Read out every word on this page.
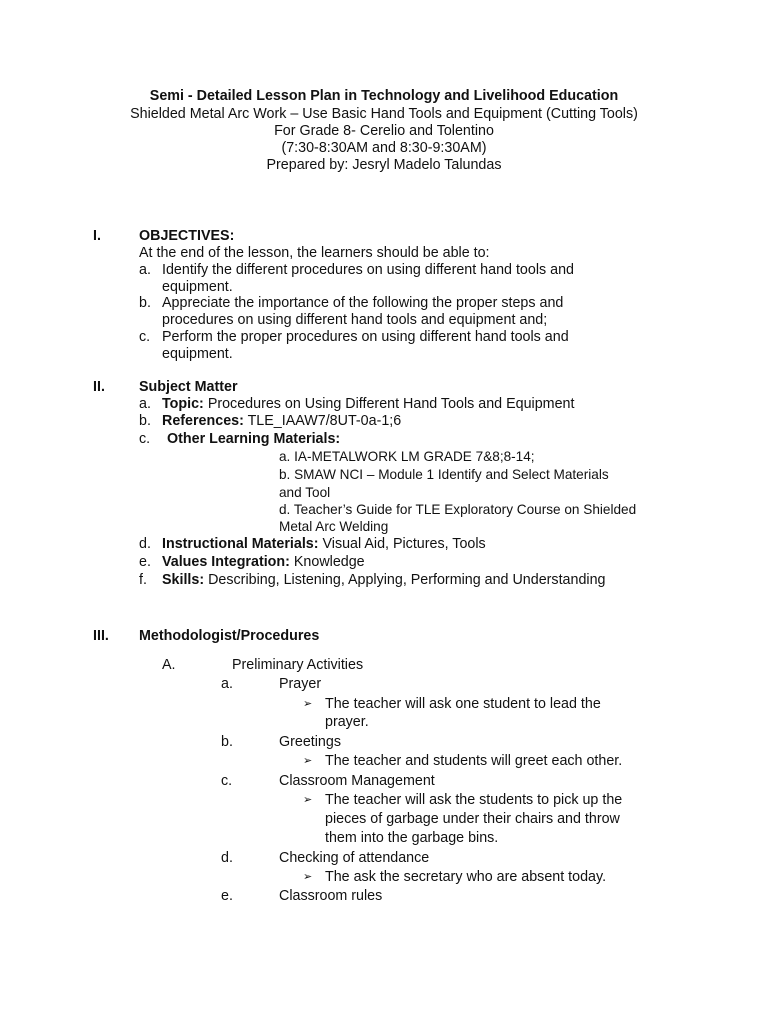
Semi - Detailed Lesson Plan in Technology and Livelihood Education
Shielded Metal Arc Work – Use Basic Hand Tools and Equipment (Cutting Tools)
For Grade 8- Cerelio and Tolentino
(7:30-8:30AM and 8:30-9:30AM)
Prepared by: Jesryl Madelo Talundas
I.	OBJECTIVES:
At the end of the lesson, the learners should be able to:
a. Identify the different procedures on using different hand tools and
equipment.
b. Appreciate the importance of the following the proper steps and
procedures on using different hand tools and equipment and;
c. Perform the proper procedures on using different hand tools and
equipment.
II. Subject Matter
a. Topic: Procedures on Using Different Hand Tools and Equipment
b. References: TLE_IAAW7/8UT-0a-1;6
c. Other Learning Materials:
a. IA-METALWORK LM GRADE 7&8;8-14;
b. SMAW NCI – Module 1 Identify and Select Materials
and Tool
d. Teacher’s Guide for TLE Exploratory Course on Shielded
Metal Arc Welding
d. Instructional Materials: Visual Aid, Pictures, Tools
e. Values Integration: Knowledge
f. Skills: Describing, Listening, Applying, Performing and Understanding
III. Methodologist/Procedures
A.	Preliminary Activities
a.	Prayer
➢ The teacher will ask one student to lead the
prayer.
b.	Greetings
➢ The teacher and students will greet each other.
c.	Classroom Management
➢ The teacher will ask the students to pick up the
pieces of garbage under their chairs and throw
them into the garbage bins.
d.	Checking of attendance
➢ The ask the secretary who are absent today.
e.	Classroom rules
